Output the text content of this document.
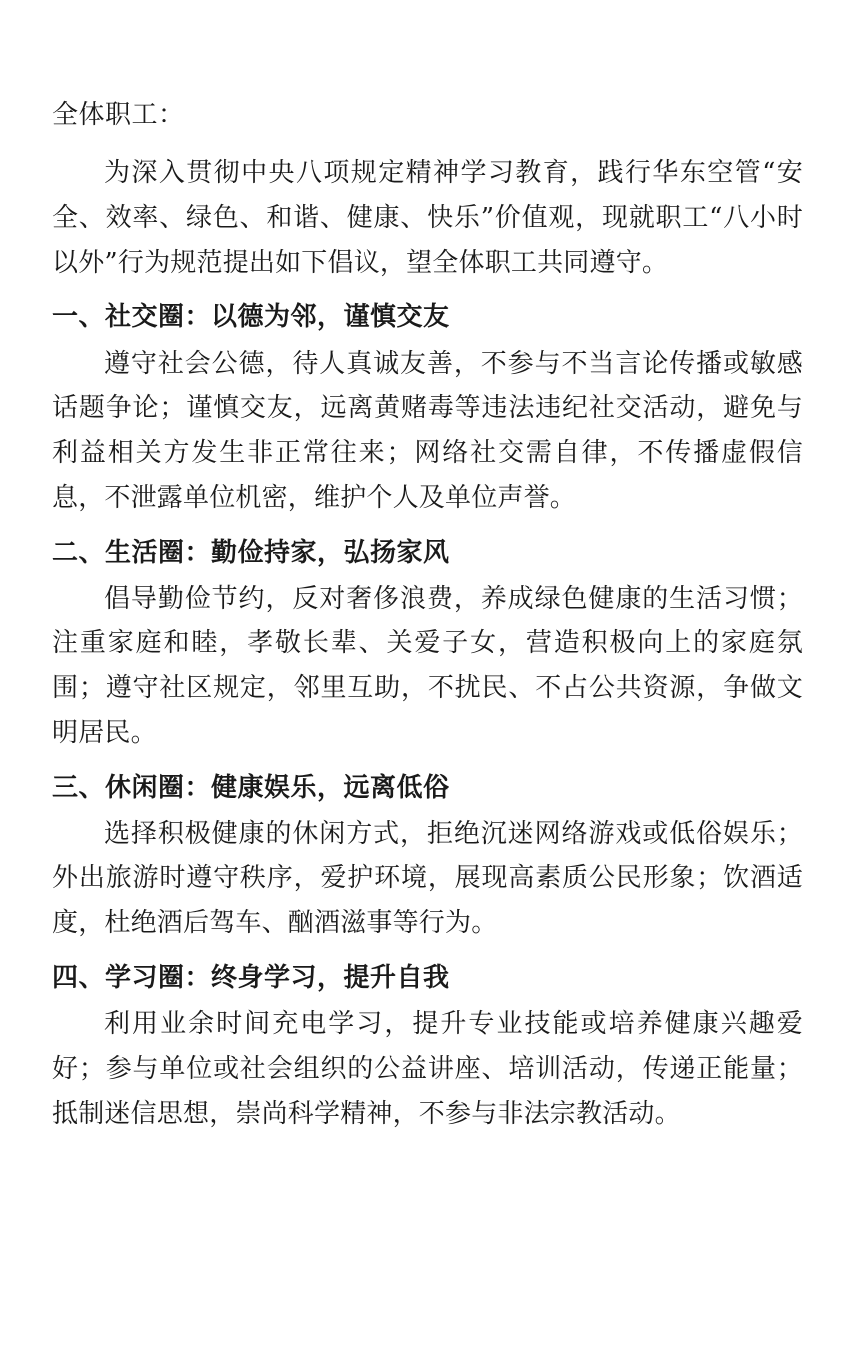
全体职工：

为深入贯彻中央八项规定精神学习教育，践行华东空管“安全、效率、绿色、和谐、健康、快乐”价值观，现就职工“八小时以外”行为规范提出如下倡议，望全体职工共同遵守。

一、社交圈：以德为邻，谨慎交友

遵守社会公德，待人真诚友善，不参与不当言论传播或敏感话题争论；谨慎交友，远离黄赌毒等违法违纪社交活动，避免与利益相关方发生非正常往来；网络社交需自律，不传播虚假信息，不泄露单位机密，维护个人及单位声誉。

二、生活圈：勤俭持家，弘扬家风

倡导勤俭节约，反对奢侈浪费，养成绿色健康的生活习惯；注重家庭和睦，孝敬长辈、关爱子女，营造积极向上的家庭氛围；遵守社区规定，邻里互助，不扰民、不占公共资源，争做文明居民。

三、休闲圈：健康娱乐，远离低俗

选择积极健康的休闲方式，拒绝沉迷网络游戏或低俗娱乐；外出旅游时遵守秩序，爱护环境，展现高素质公民形象；饮酒适度，杜绝酒后驾车、酗酒滋事等行为。

四、学习圈：终身学习，提升自我

利用业余时间充电学习，提升专业技能或培养健康兴趣爱好；参与单位或社会组织的公益讲座、培训活动，传递正能量；抵制迷信思想，崇尚科学精神，不参与非法宗教活动。
